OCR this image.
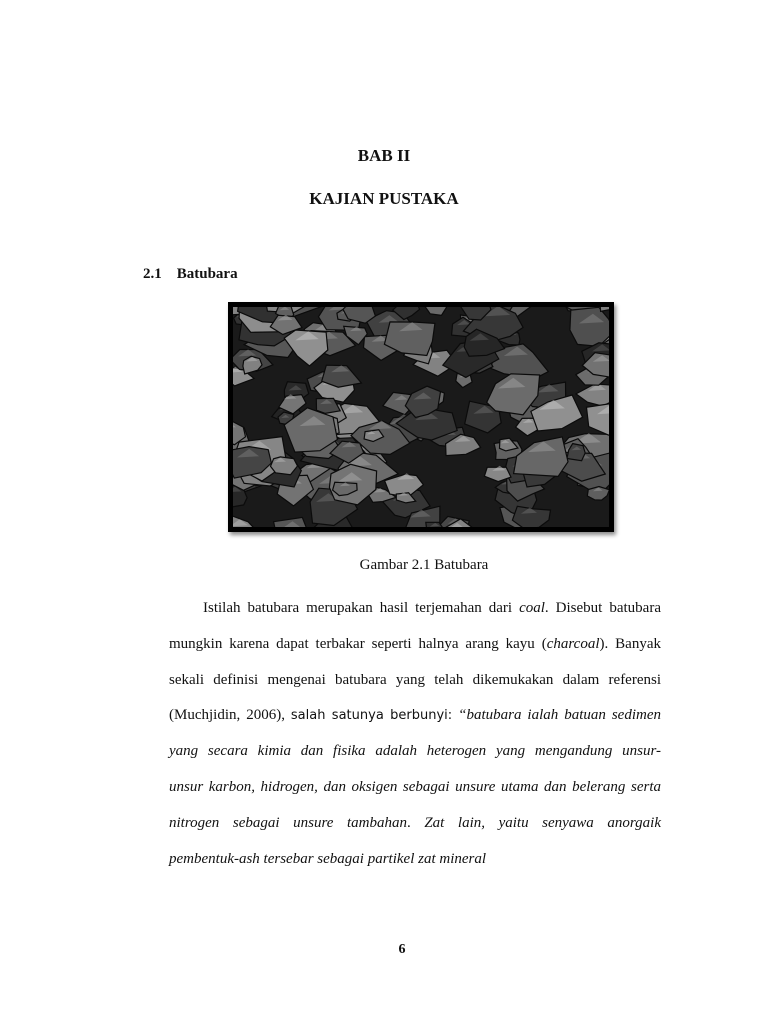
BAB II
KAJIAN PUSTAKA
2.1 Batubara
Gambar 2.1 Batubara
Istilah batubara merupakan hasil terjemahan dari coal. Disebut batubara
mungkin karena dapat terbakar seperti halnya arang kayu (charcoal). Banyak
sekali definisi mengenai batubara yang telah dikemukakan dalam referensi
(Muchjidin, 2006), salah satunya berbunyi: “batubara ialah batuan sedimen
yang secara kimia dan fisika adalah heterogen yang mengandung unsur-
unsur karbon, hidrogen, dan oksigen sebagai unsure utama dan belerang serta
nitrogen sebagai unsure tambahan. Zat lain, yaitu senyawa anorgaik
pembentuk-ash tersebar sebagai partikel zat mineral
6
